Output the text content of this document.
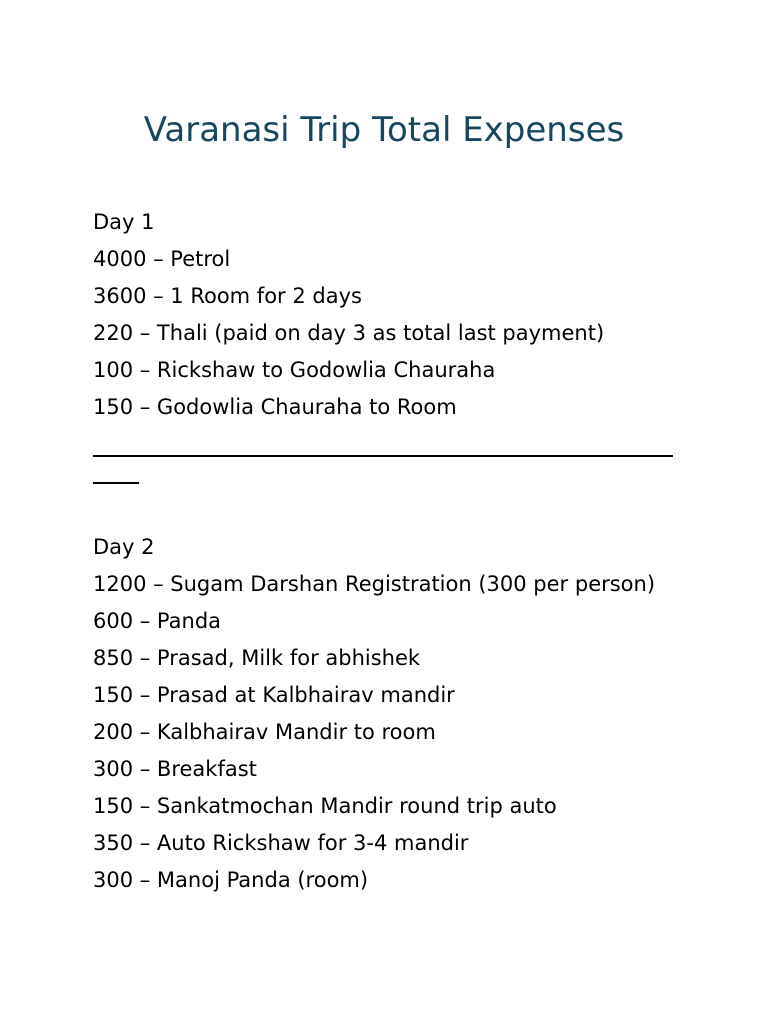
Varanasi Trip Total Expenses

Day 1

4000 – Petrol

3600 – 1 Room for 2 days

220 – Thali (paid on day 3 as total last payment)

100 – Rickshaw to Godowlia Chauraha

150 – Godowlia Chauraha to Room

Day 2

1200 – Sugam Darshan Registration (300 per person)

600 – Panda

850 – Prasad, Milk for abhishek

150 – Prasad at Kalbhairav mandir

200 – Kalbhairav Mandir to room

300 – Breakfast

150 – Sankatmochan Mandir round trip auto

350 – Auto Rickshaw for 3-4 mandir

300 – Manoj Panda (room)
